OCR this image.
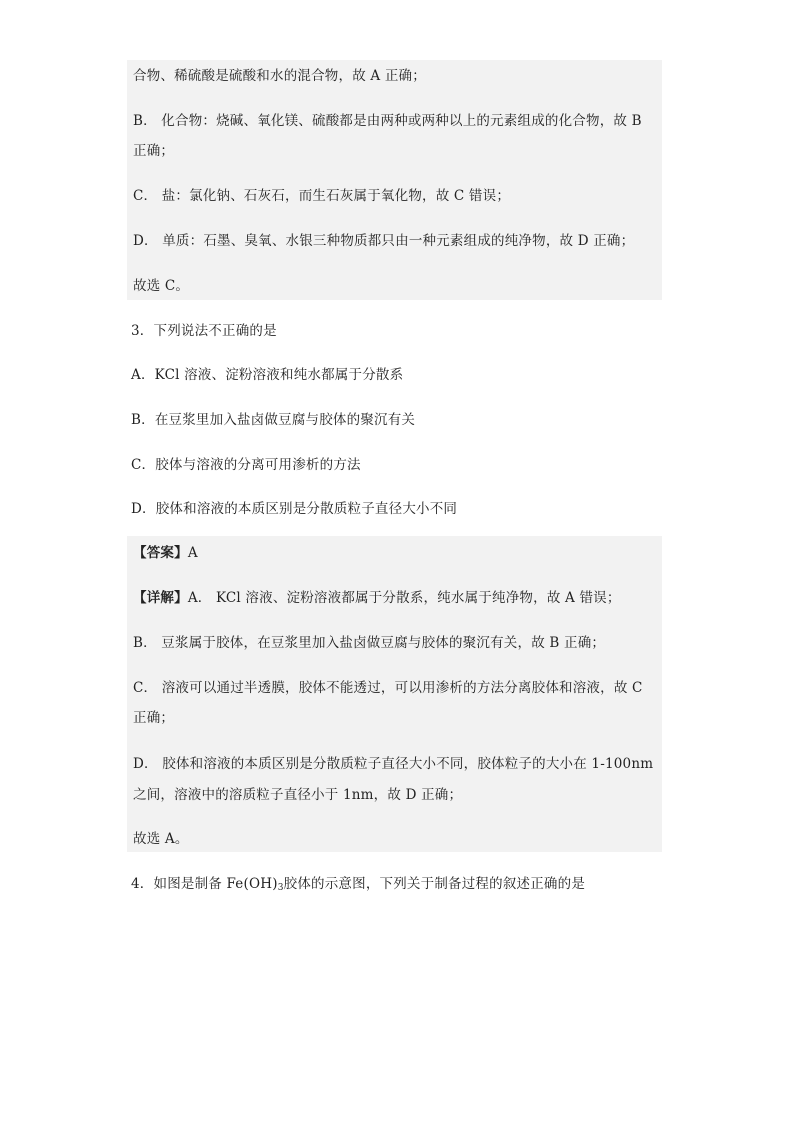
合物、稀硫酸是硫酸和水的混合物，故 A 正确；
B． 化合物：烧碱、氧化镁、硫酸都是由两种或两种以上的元素组成的化合物，故 B
正确；
C． 盐：氯化钠、石灰石，而生石灰属于氧化物，故 C 错误；
D． 单质：石墨、臭氧、水银三种物质都只由一种元素组成的纯净物，故 D 正确；
故选 C。
3．下列说法不正确的是
A．KCl 溶液、淀粉溶液和纯水都属于分散系
B．在豆浆里加入盐卤做豆腐与胶体的聚沉有关
C．胶体与溶液的分离可用渗析的方法
D．胶体和溶液的本质区别是分散质粒子直径大小不同
【答案】A
【详解】A． KCl 溶液、淀粉溶液都属于分散系，纯水属于纯净物，故 A 错误；
B． 豆浆属于胶体，在豆浆里加入盐卤做豆腐与胶体的聚沉有关，故 B 正确；
C． 溶液可以通过半透膜，胶体不能透过，可以用渗析的方法分离胶体和溶液，故 C
正确；
D． 胶体和溶液的本质区别是分散质粒子直径大小不同，胶体粒子的大小在 1-100nm
之间，溶液中的溶质粒子直径小于 1nm，故 D 正确；
故选 A。
4．如图是制备 $Fe(OH)_3$胶体的示意图，下列关于制备过程的叙述正确的是
